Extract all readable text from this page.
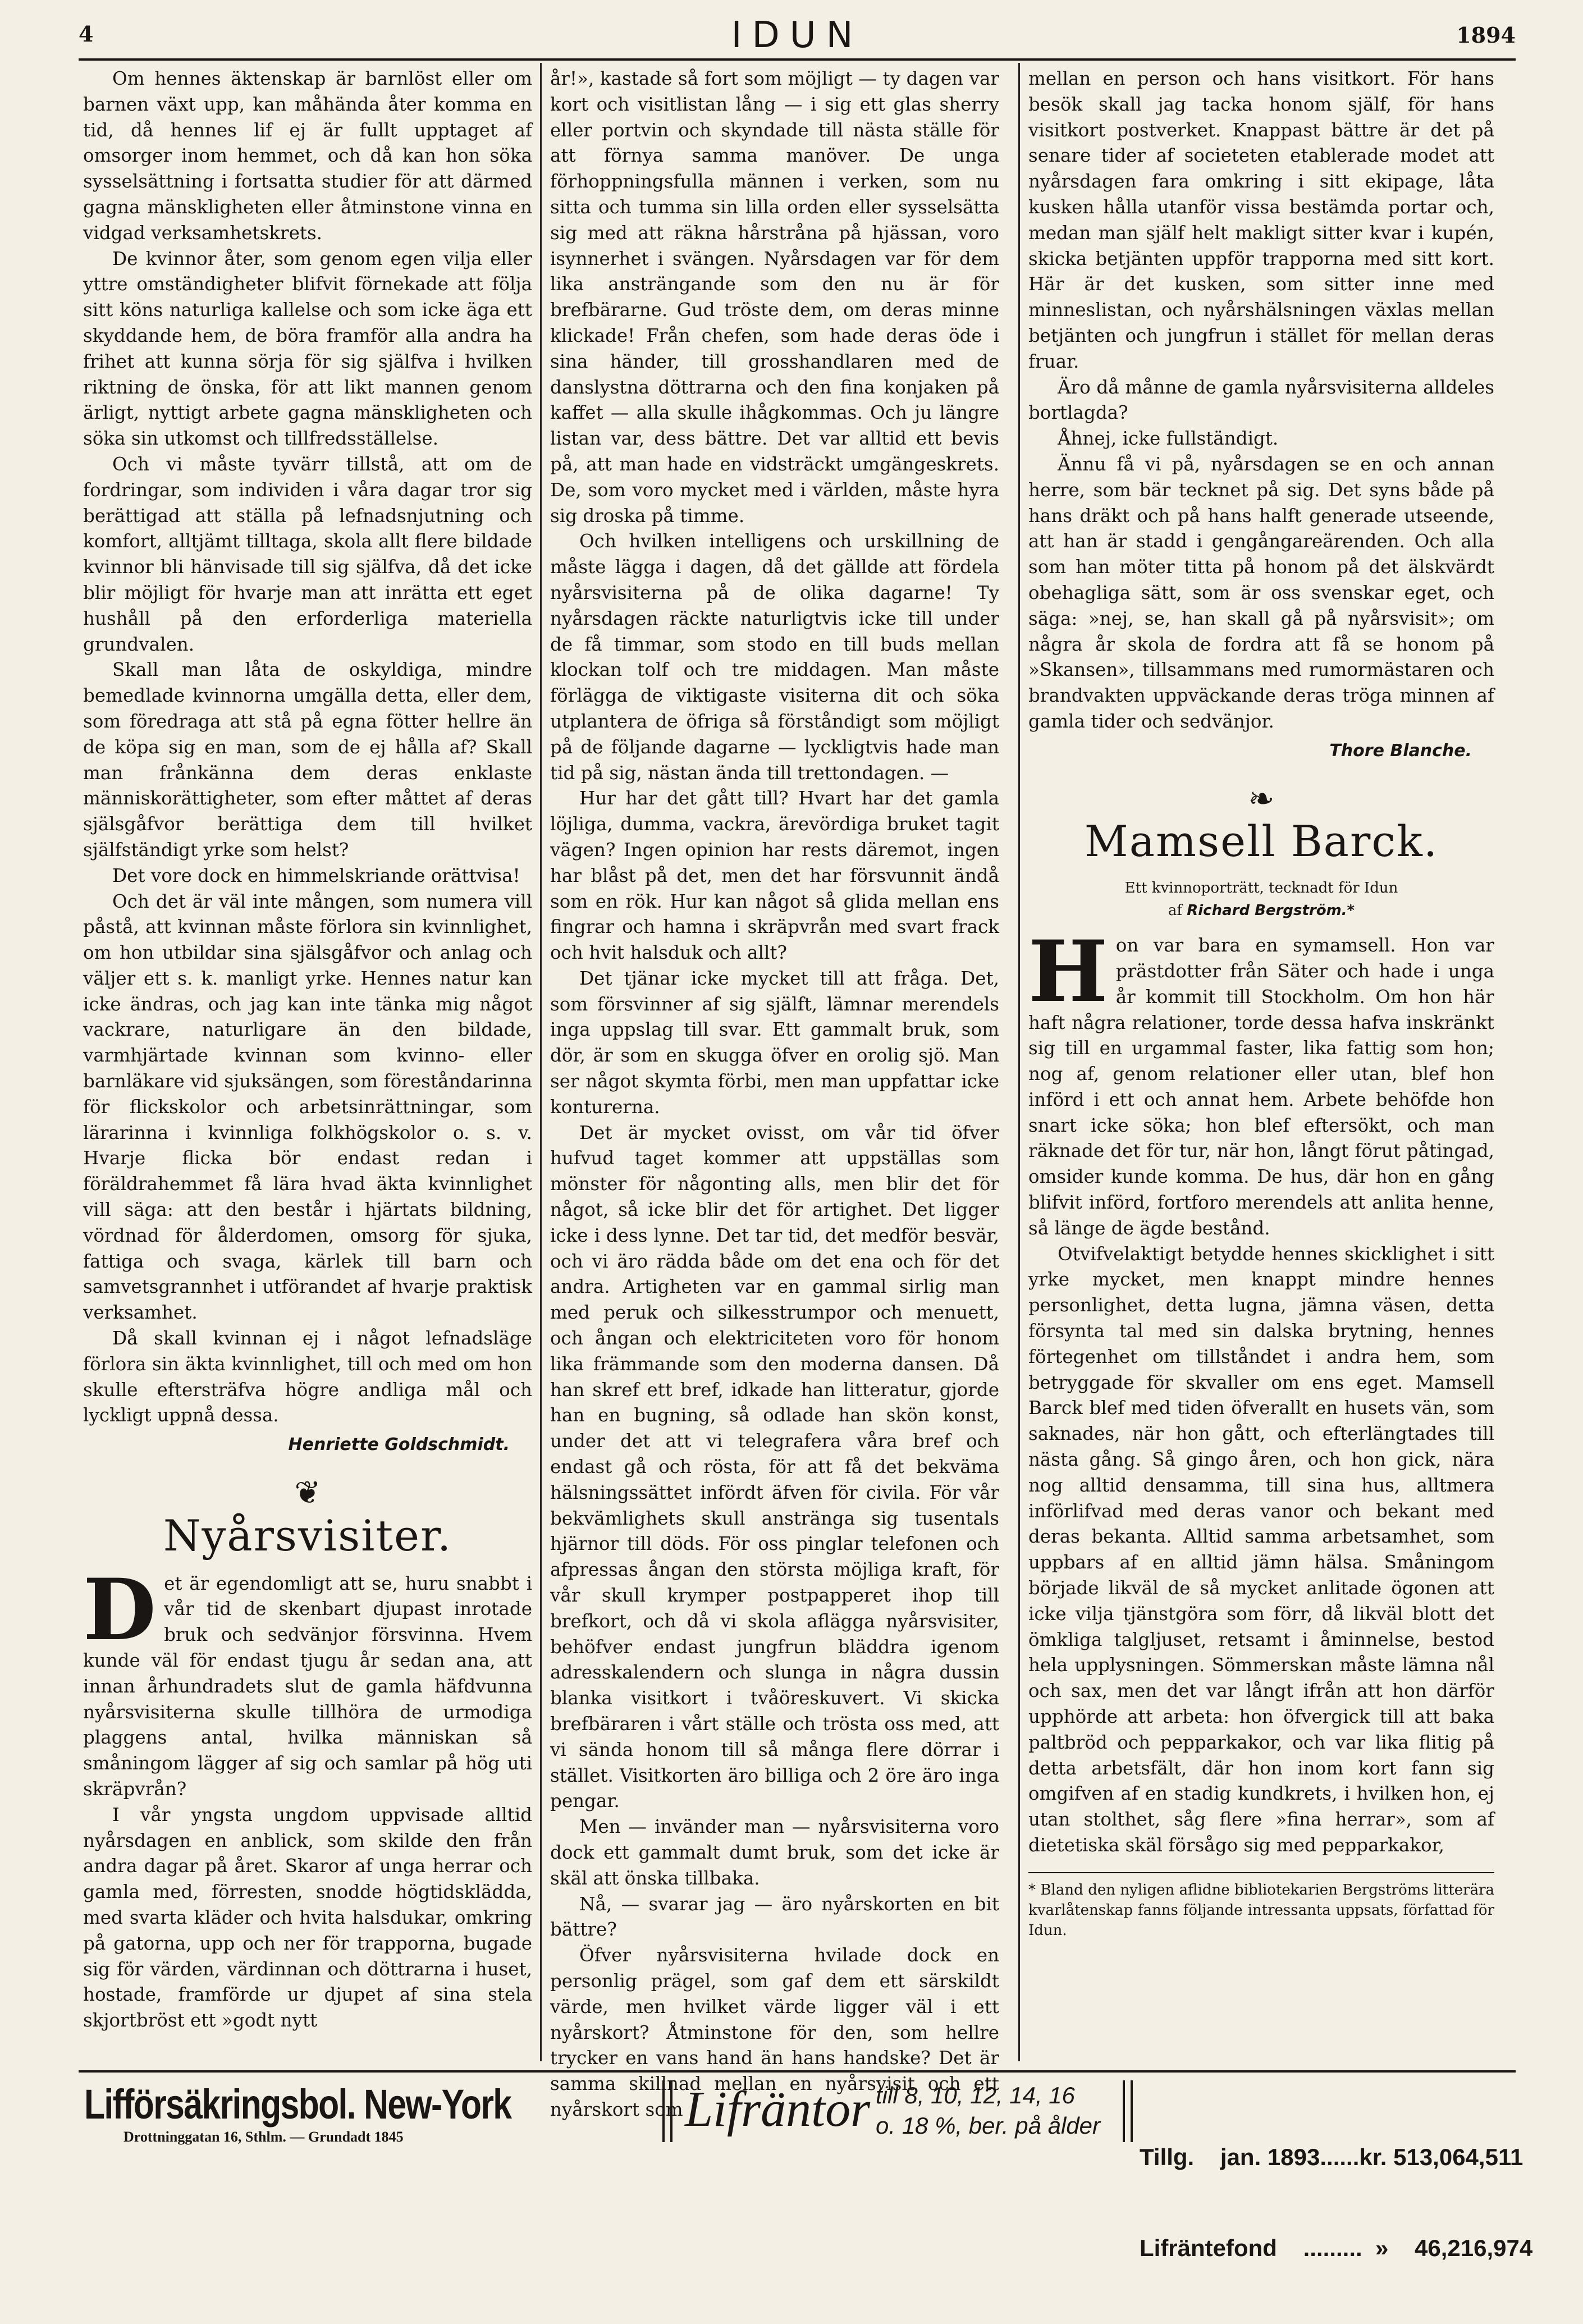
4	IDUN	1894

Om hennes äktenskap är barnlöst eller om barnen växt upp, kan måhända åter komma en tid, då hennes lif ej är fullt upptaget af omsorger inom hemmet, och då kan hon söka sysselsättning i fortsatta studier för att därmed gagna mänskligheten eller åtminstone vinna en vidgad verksamhetskrets.

De kvinnor åter, som genom egen vilja eller yttre omständigheter blifvit förnekade att följa sitt köns naturliga kallelse och som icke äga ett skyddande hem, de böra framför alla andra ha frihet att kunna sörja för sig själfva i hvilken riktning de önska, för att likt mannen genom ärligt, nyttigt arbete gagna mänskligheten och söka sin utkomst och tillfredsställelse.

Och vi måste tyvärr tillstå, att om de fordringar, som individen i våra dagar tror sig berättigad att ställa på lefnadsnjutning och komfort, alltjämt tilltaga, skola allt flere bildade kvinnor bli hänvisade till sig själfva, då det icke blir möjligt för hvarje man att inrätta ett eget hushåll på den erforderliga materiella grundvalen.

Skall man låta de oskyldiga, mindre bemedlade kvinnorna umgälla detta, eller dem, som föredraga att stå på egna fötter hellre än de köpa sig en man, som de ej hålla af? Skall man frånkänna dem deras enklaste människorättigheter, som efter måttet af deras själsgåfvor berättiga dem till hvilket själfständigt yrke som helst?

Det vore dock en himmelskriande orättvisa!

Och det är väl inte mången, som numera vill påstå, att kvinnan måste förlora sin kvinnlighet, om hon utbildar sina själsgåfvor och anlag och väljer ett s. k. manligt yrke. Hennes natur kan icke ändras, och jag kan inte tänka mig något vackrare, naturligare än den bildade, varmhjärtade kvinnan som kvinno- eller barnläkare vid sjuksängen, som föreståndarinna för flickskolor och arbetsinrättningar, som lärarinna i kvinnliga folkhögskolor o. s. v. Hvarje flicka bör endast redan i föräldrahemmet få lära hvad äkta kvinnlighet vill säga: att den består i hjärtats bildning, vördnad för ålderdomen, omsorg för sjuka, fattiga och svaga, kärlek till barn och samvetsgrannhet i utförandet af hvarje praktisk verksamhet.

Då skall kvinnan ej i något lefnadsläge förlora sin äkta kvinnlighet, till och med om hon skulle eftersträfva högre andliga mål och lyckligt uppnå dessa.

Henriette Goldschmidt.
❦
Nyårsvisiter.

Det är egendomligt att se, huru snabbt i vår tid de skenbart djupast inrotade bruk och sedvänjor försvinna. Hvem kunde väl för endast tjugu år sedan ana, att innan århundradets slut de gamla häfdvunna nyårsvisiterna skulle tillhöra de urmodiga plaggens antal, hvilka människan så småningom lägger af sig och samlar på hög uti skräpvrån?

I vår yngsta ungdom uppvisade alltid nyårsdagen en anblick, som skilde den från andra dagar på året. Skaror af unga herrar och gamla med, förresten, snodde högtidsklädda, med svarta kläder och hvita halsdukar, omkring på gatorna, upp och ner för trapporna, bugade sig för värden, värdinnan och döttrarna i huset, hostade, framförde ur djupet af sina stela skjortbröst ett »godt nytt

år!», kastade så fort som möjligt — ty dagen var kort och visitlistan lång — i sig ett glas sherry eller portvin och skyndade till nästa ställe för att förnya samma manöver. De unga förhoppningsfulla männen i verken, som nu sitta och tumma sin lilla orden eller sysselsätta sig med att räkna hårstråna på hjässan, voro isynnerhet i svängen. Nyårsdagen var för dem lika ansträngande som den nu är för brefbärarne. Gud tröste dem, om deras minne klickade! Från chefen, som hade deras öde i sina händer, till grosshandlaren med de danslystna döttrarna och den fina konjaken på kaffet — alla skulle ihågkommas. Och ju längre listan var, dess bättre. Det var alltid ett bevis på, att man hade en vidsträckt umgängeskrets. De, som voro mycket med i världen, måste hyra sig droska på timme.

Och hvilken intelligens och urskillning de måste lägga i dagen, då det gällde att fördela nyårsvisiterna på de olika dagarne! Ty nyårsdagen räckte naturligtvis icke till under de få timmar, som stodo en till buds mellan klockan tolf och tre middagen. Man måste förlägga de viktigaste visiterna dit och söka utplantera de öfriga så förståndigt som möjligt på de följande dagarne — lyckligtvis hade man tid på sig, nästan ända till trettondagen. —

Hur har det gått till? Hvart har det gamla löjliga, dumma, vackra, ärevördiga bruket tagit vägen? Ingen opinion har rests däremot, ingen har blåst på det, men det har försvunnit ändå som en rök. Hur kan något så glida mellan ens fingrar och hamna i skräpvrån med svart frack och hvit halsduk och allt?

Det tjänar icke mycket till att fråga. Det, som försvinner af sig själft, lämnar merendels inga uppslag till svar. Ett gammalt bruk, som dör, är som en skugga öfver en orolig sjö. Man ser något skymta förbi, men man uppfattar icke konturerna.

Det är mycket ovisst, om vår tid öfver hufvud taget kommer att uppställas som mönster för någonting alls, men blir det för något, så icke blir det för artighet. Det ligger icke i dess lynne. Det tar tid, det medför besvär, och vi äro rädda både om det ena och för det andra. Artigheten var en gammal sirlig man med peruk och silkesstrumpor och menuett, och ångan och elektriciteten voro för honom lika främmande som den moderna dansen. Då han skref ett bref, idkade han litteratur, gjorde han en bugning, så odlade han skön konst, under det att vi telegrafera våra bref och endast gå och rösta, för att få det bekväma hälsningssättet infördt äfven för civila. För vår bekvämlighets skull anstränga sig tusentals hjärnor till döds. För oss pinglar telefonen och afpressas ångan den största möjliga kraft, för vår skull krymper postpapperet ihop till brefkort, och då vi skola aflägga nyårsvisiter, behöfver endast jungfrun bläddra igenom adresskalendern och slunga in några dussin blanka visitkort i tvåöreskuvert. Vi skicka brefbäraren i vårt ställe och trösta oss med, att vi sända honom till så många flere dörrar i stället. Visitkorten äro billiga och 2 öre äro inga pengar.

Men — invänder man — nyårsvisiterna voro dock ett gammalt dumt bruk, som det icke är skäl att önska tillbaka.

Nå, — svarar jag — äro nyårskorten en bit bättre?

Öfver nyårsvisiterna hvilade dock en personlig prägel, som gaf dem ett särskildt värde, men hvilket värde ligger väl i ett nyårskort? Åtminstone för den, som hellre trycker en vans hand än hans handske? Det är samma skillnad mellan en nyårsvisit och ett nyårskort som

mellan en person och hans visitkort. För hans besök skall jag tacka honom själf, för hans visitkort postverket. Knappast bättre är det på senare tider af societeten etablerade modet att nyårsdagen fara omkring i sitt ekipage, låta kusken hålla utanför vissa bestämda portar och, medan man själf helt makligt sitter kvar i kupén, skicka betjänten uppför trapporna med sitt kort. Här är det kusken, som sitter inne med minneslistan, och nyårshälsningen växlas mellan betjänten och jungfrun i stället för mellan deras fruar.

Äro då månne de gamla nyårsvisiterna alldeles bortlagda?

Åhnej, icke fullständigt.

Ännu få vi på, nyårsdagen se en och annan herre, som bär tecknet på sig. Det syns både på hans dräkt och på hans halft generade utseende, att han är stadd i gengångareärenden. Och alla som han möter titta på honom på det älskvärdt obehagliga sätt, som är oss svenskar eget, och säga: »nej, se, han skall gå på nyårsvisit»; om några år skola de fordra att få se honom på »Skansen», tillsammans med rumormästaren och brandvakten uppväckande deras tröga minnen af gamla tider och sedvänjor.

Thore Blanche.
❧
Mamsell Barck.
Ett kvinnoporträtt, tecknadt för Idun
af Richard Bergström.*

Hon var bara en symamsell. Hon var prästdotter från Säter och hade i unga år kommit till Stockholm. Om hon här haft några relationer, torde dessa hafva inskränkt sig till en urgammal faster, lika fattig som hon; nog af, genom relationer eller utan, blef hon införd i ett och annat hem. Arbete behöfde hon snart icke söka; hon blef eftersökt, och man räknade det för tur, när hon, långt förut påtingad, omsider kunde komma. De hus, där hon en gång blifvit införd, fortforo merendels att anlita henne, så länge de ägde bestånd.

Otvifvelaktigt betydde hennes skicklighet i sitt yrke mycket, men knappt mindre hennes personlighet, detta lugna, jämna väsen, detta försynta tal med sin dalska brytning, hennes förtegenhet om tillståndet i andra hem, som betryggade för skvaller om ens eget. Mamsell Barck blef med tiden öfverallt en husets vän, som saknades, när hon gått, och efterlängtades till nästa gång. Så gingo åren, och hon gick, nära nog alltid densamma, till sina hus, alltmera införlifvad med deras vanor och bekant med deras bekanta. Alltid samma arbetsamhet, som uppbars af en alltid jämn hälsa. Småningom började likväl de så mycket anlitade ögonen att icke vilja tjänstgöra som förr, då likväl blott det ömkliga talgljuset, retsamt i åminnelse, bestod hela upplysningen. Sömmerskan måste lämna nål och sax, men det var långt ifrån att hon därför upphörde att arbeta: hon öfvergick till att baka paltbröd och pepparkakor, och var lika flitig på detta arbetsfält, där hon inom kort fann sig omgifven af en stadig kundkrets, i hvilken hon, ej utan stolthet, såg flere »fina herrar», som af dietetiska skäl försågo sig med pepparkakor,

* Bland den nyligen aflidne bibliotekarien Bergströms litterära kvarlåtenskap fanns följande intressanta uppsats, författad för Idun.
Lifförsäkringsbol. New-York
Drottninggatan 16, Sthlm. — Grundadt 1845	Lifräntor till 8, 10, 12, 14, 16
o. 18 %, ber. på ålder

Tillg.    jan. 1893......kr. 513,064,511

Lifräntefond    .........  »    46,216,974
